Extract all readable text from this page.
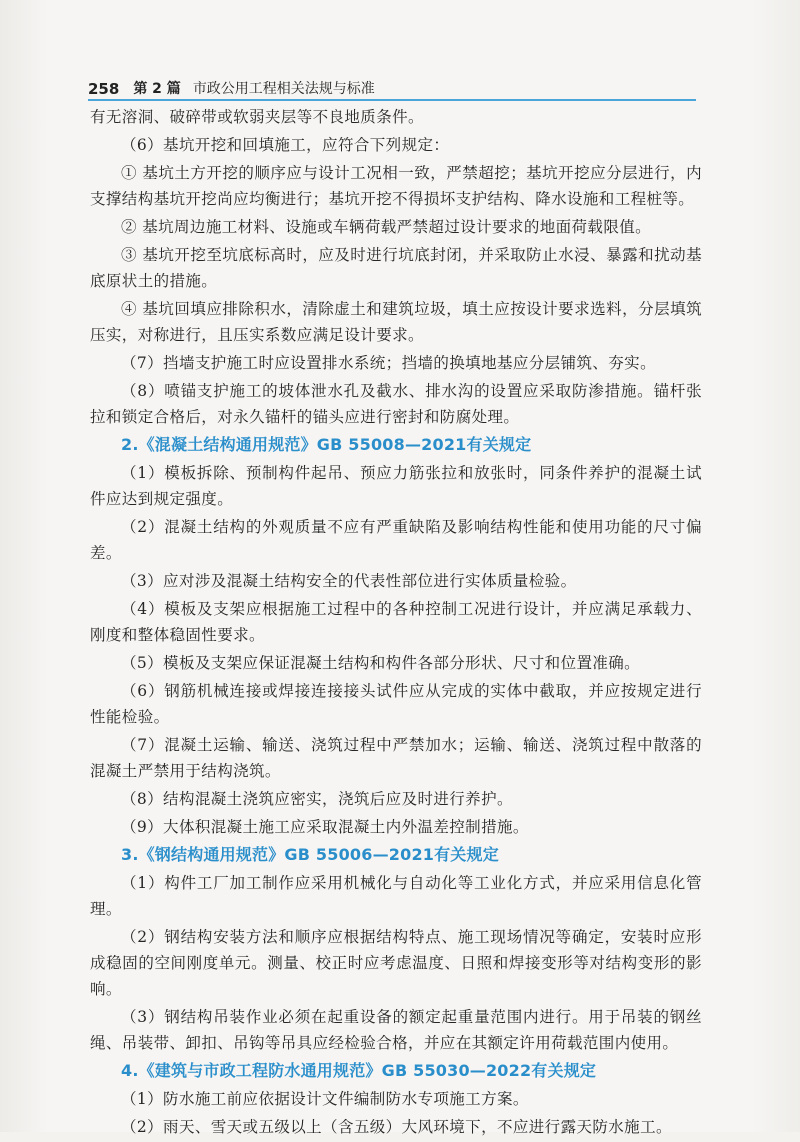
258 第 2 篇 市政公用工程相关法规与标准
有无溶洞、破碎带或软弱夹层等不良地质条件。
（6）基坑开挖和回填施工，应符合下列规定：
① 基坑土方开挖的顺序应与设计工况相一致，严禁超挖；基坑开挖应分层进行，内支撑结构基坑开挖尚应均衡进行；基坑开挖不得损坏支护结构、降水设施和工程桩等。
② 基坑周边施工材料、设施或车辆荷载严禁超过设计要求的地面荷载限值。
③ 基坑开挖至坑底标高时，应及时进行坑底封闭，并采取防止水浸、暴露和扰动基底原状土的措施。
④ 基坑回填应排除积水，清除虚土和建筑垃圾，填土应按设计要求选料，分层填筑压实，对称进行，且压实系数应满足设计要求。
（7）挡墙支护施工时应设置排水系统；挡墙的换填地基应分层铺筑、夯实。
（8）喷锚支护施工的坡体泄水孔及截水、排水沟的设置应采取防渗措施。锚杆张拉和锁定合格后，对永久锚杆的锚头应进行密封和防腐处理。
2.《混凝土结构通用规范》GB 55008—2021有关规定
（1）模板拆除、预制构件起吊、预应力筋张拉和放张时，同条件养护的混凝土试件应达到规定强度。
（2）混凝土结构的外观质量不应有严重缺陷及影响结构性能和使用功能的尺寸偏差。
（3）应对涉及混凝土结构安全的代表性部位进行实体质量检验。
（4）模板及支架应根据施工过程中的各种控制工况进行设计，并应满足承载力、刚度和整体稳固性要求。
（5）模板及支架应保证混凝土结构和构件各部分形状、尺寸和位置准确。
（6）钢筋机械连接或焊接连接接头试件应从完成的实体中截取，并应按规定进行性能检验。
（7）混凝土运输、输送、浇筑过程中严禁加水；运输、输送、浇筑过程中散落的混凝土严禁用于结构浇筑。
（8）结构混凝土浇筑应密实，浇筑后应及时进行养护。
（9）大体积混凝土施工应采取混凝土内外温差控制措施。
3.《钢结构通用规范》GB 55006—2021有关规定
（1）构件工厂加工制作应采用机械化与自动化等工业化方式，并应采用信息化管理。
（2）钢结构安装方法和顺序应根据结构特点、施工现场情况等确定，安装时应形成稳固的空间刚度单元。测量、校正时应考虑温度、日照和焊接变形等对结构变形的影响。
（3）钢结构吊装作业必须在起重设备的额定起重量范围内进行。用于吊装的钢丝绳、吊装带、卸扣、吊钩等吊具应经检验合格，并应在其额定许用荷载范围内使用。
4.《建筑与市政工程防水通用规范》GB 55030—2022有关规定
（1）防水施工前应依据设计文件编制防水专项施工方案。
（2）雨天、雪天或五级以上（含五级）大风环境下，不应进行露天防水施工。
